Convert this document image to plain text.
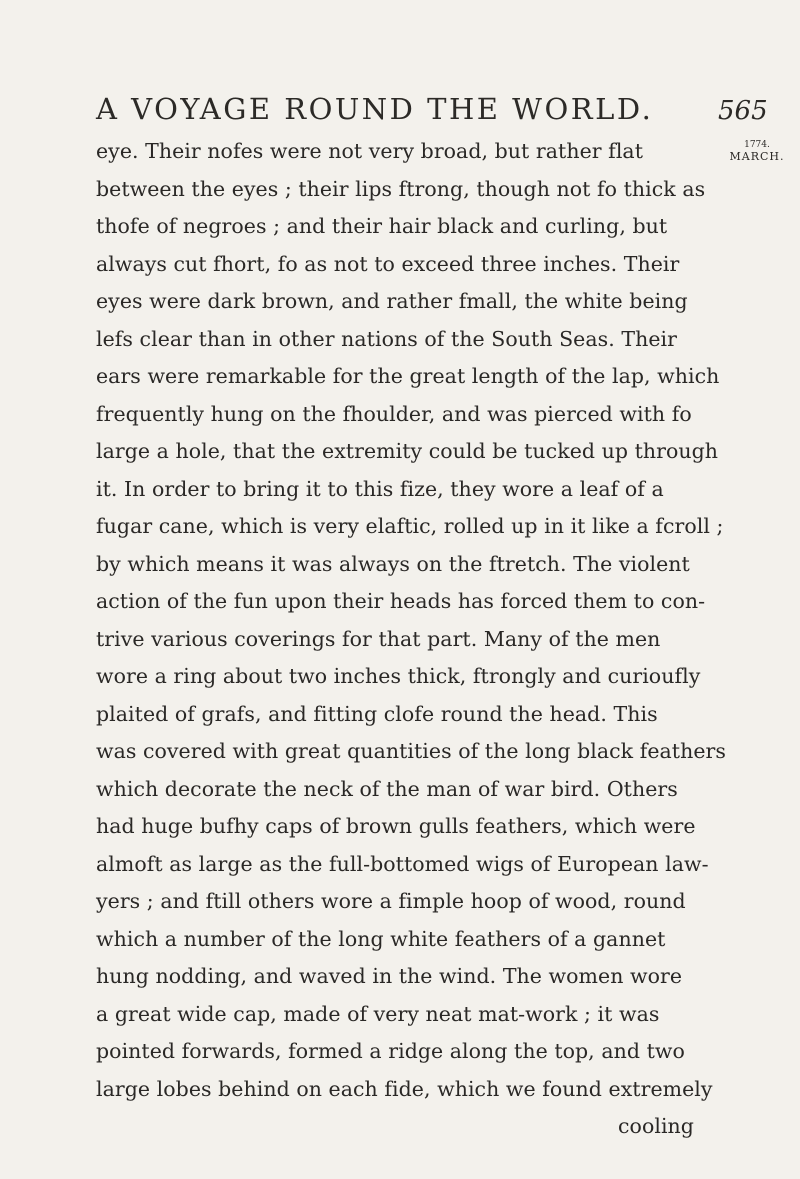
A VOYAGE ROUND THE WORLD.	565
1774.
MARCH.
eye. Their nofes were not very broad, but rather flat
between the eyes ; their lips ftrong, though not fo thick as
thofe of negroes ; and their hair black and curling, but
always cut fhort, fo as not to exceed three inches. Their
eyes were dark brown, and rather fmall, the white being
lefs clear than in other nations of the South Seas. Their
ears were remarkable for the great length of the lap, which
frequently hung on the fhoulder, and was pierced with fo
large a hole, that the extremity could be tucked up through
it. In order to bring it to this fize, they wore a leaf of a
fugar cane, which is very elaftic, rolled up in it like a fcroll ;
by which means it was always on the ftretch. The violent
action of the fun upon their heads has forced them to con-
trive various coverings for that part. Many of the men
wore a ring about two inches thick, ftrongly and curioufly
plaited of grafs, and fitting clofe round the head. This
was covered with great quantities of the long black feathers
which decorate the neck of the man of war bird. Others
had huge bufhy caps of brown gulls feathers, which were
almoft as large as the full-bottomed wigs of European law-
yers ; and ftill others wore a fimple hoop of wood, round
which a number of the long white feathers of a gannet
hung nodding, and waved in the wind. The women wore
a great wide cap, made of very neat mat-work ; it was
pointed forwards, formed a ridge along the top, and two
large lobes behind on each fide, which we found extremely
cooling
